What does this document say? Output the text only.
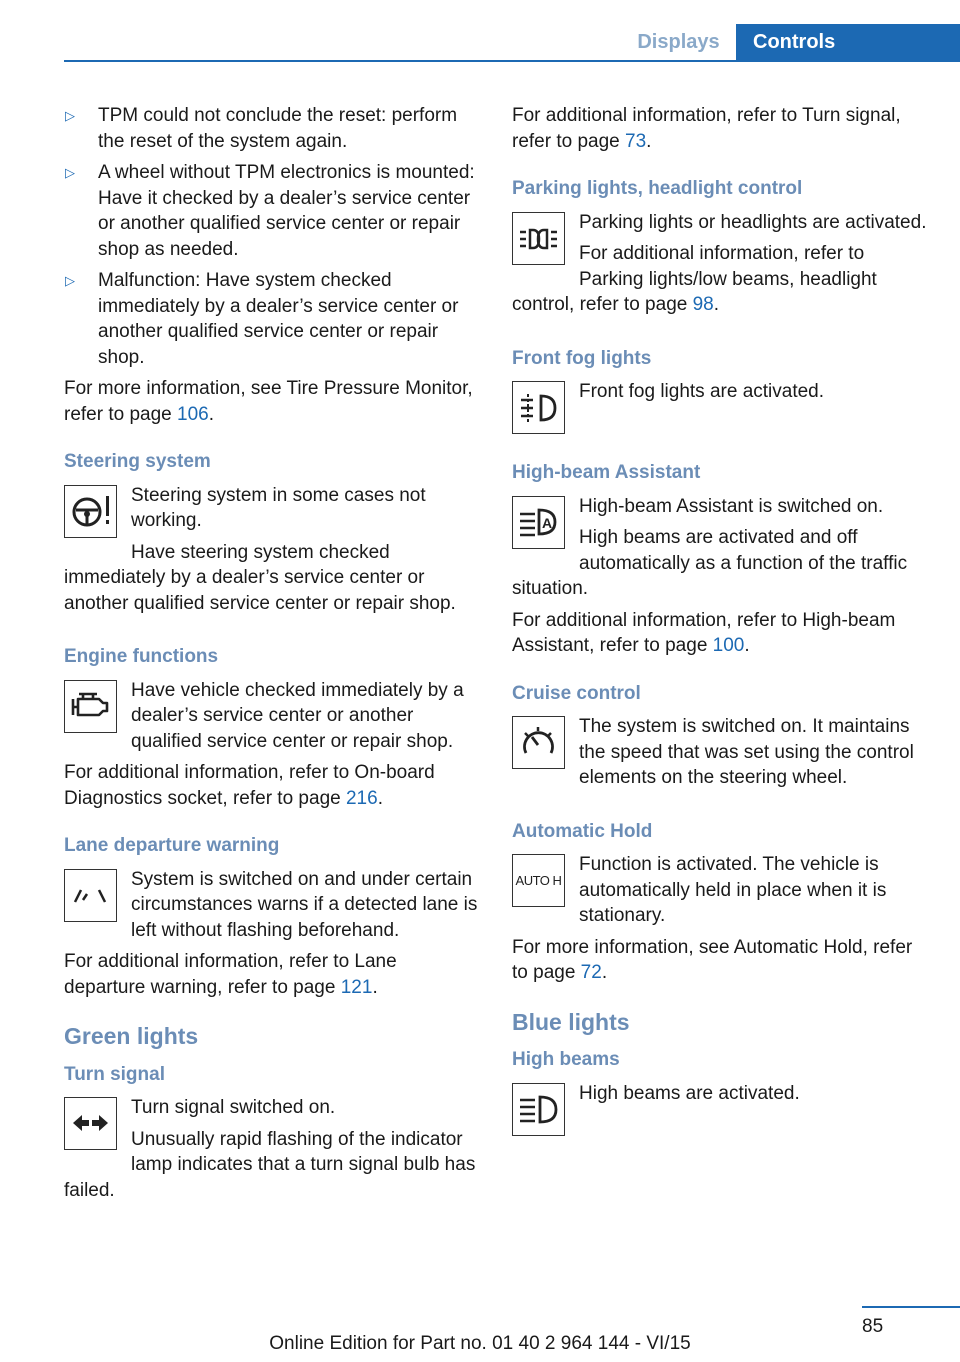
Displays	Controls
▷ TPM could not conclude the reset: perform the reset of the system again.
▷ A wheel without TPM electronics is mounted: Have it checked by a dealer’s service center or another qualified service center or repair shop as needed.
▷ Malfunction: Have system checked immediately by a dealer’s service center or another qualified service center or repair shop.

For more information, see Tire Pressure Monitor, refer to page 106.

Steering system

Steering system in some cases not working.

Have steering system checked immediately by a dealer’s service center or another qualified service center or repair shop.

Engine functions

Have vehicle checked immediately by a dealer’s service center or another qualified service center or repair shop.

For additional information, refer to On-board Diagnostics socket, refer to page 216.

Lane departure warning

System is switched on and under certain circumstances warns if a detected lane is left without flashing beforehand.

For additional information, refer to Lane departure warning, refer to page 121.

Green lights
Turn signal

Turn signal switched on.

Unusually rapid flashing of the indicator lamp indicates that a turn signal bulb has failed.

For additional information, refer to Turn signal, refer to page 73.

Parking lights, headlight control

Parking lights or headlights are activated.

For additional information, refer to Parking lights/low beams, headlight control, refer to page 98.

Front fog lights

Front fog lights are activated.

High-beam Assistant
A

High-beam Assistant is switched on.

High beams are activated and off automatically as a function of the traffic situation.

For additional information, refer to High-beam Assistant, refer to page 100.

Cruise control

The system is switched on. It maintains the speed that was set using the control elements on the steering wheel.

Automatic Hold
AUTO H

Function is activated. The vehicle is automatically held in place when it is stationary.

For more information, see Automatic Hold, refer to page 72.

Blue lights
High beams

High beams are activated.

85
Online Edition for Part no. 01 40 2 964 144 - VI/15
